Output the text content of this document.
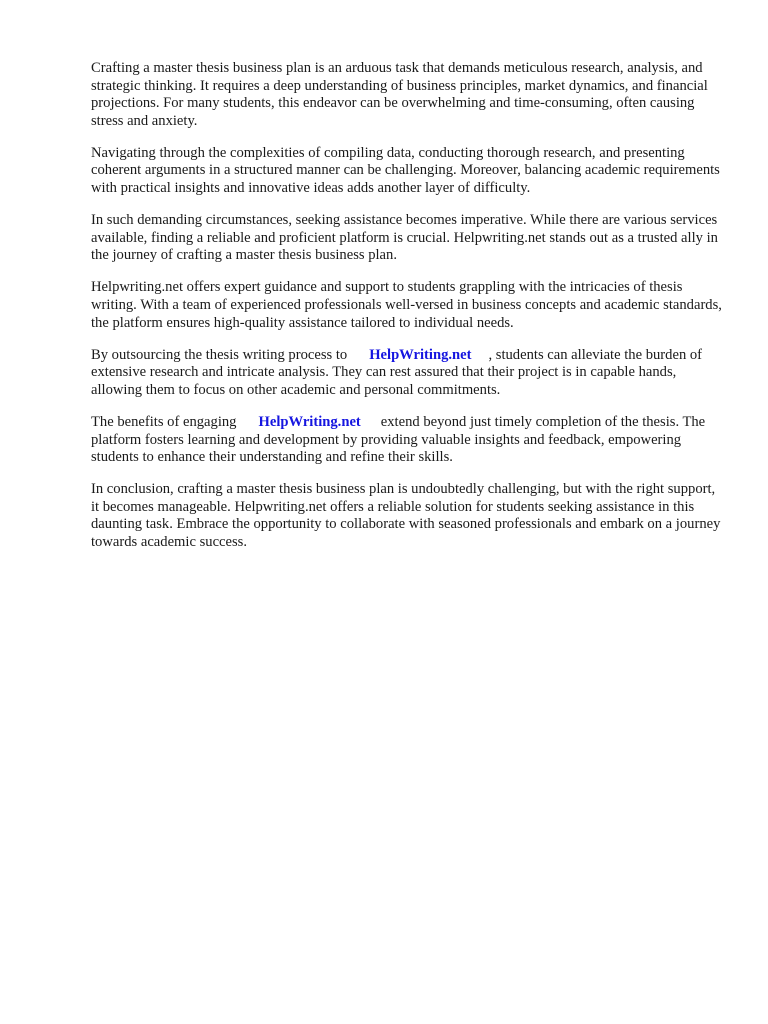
Crafting a master thesis business plan is an arduous task that demands meticulous research, analysis, and strategic thinking. It requires a deep understanding of business principles, market dynamics, and financial projections. For many students, this endeavor can be overwhelming and time-consuming, often causing stress and anxiety.

Navigating through the complexities of compiling data, conducting thorough research, and presenting coherent arguments in a structured manner can be challenging. Moreover, balancing academic requirements with practical insights and innovative ideas adds another layer of difficulty.

In such demanding circumstances, seeking assistance becomes imperative. While there are various services available, finding a reliable and proficient platform is crucial. Helpwriting.net stands out as a trusted ally in the journey of crafting a master thesis business plan.

Helpwriting.net offers expert guidance and support to students grappling with the intricacies of thesis writing. With a team of experienced professionals well-versed in business concepts and academic standards, the platform ensures high-quality assistance tailored to individual needs.

By outsourcing the thesis writing process to HelpWriting.net , students can alleviate the burden of extensive research and intricate analysis. They can rest assured that their project is in capable hands, allowing them to focus on other academic and personal commitments.

The benefits of engaging HelpWriting.net extend beyond just timely completion of the thesis. The platform fosters learning and development by providing valuable insights and feedback, empowering students to enhance their understanding and refine their skills.

In conclusion, crafting a master thesis business plan is undoubtedly challenging, but with the right support, it becomes manageable. Helpwriting.net offers a reliable solution for students seeking assistance in this daunting task. Embrace the opportunity to collaborate with seasoned professionals and embark on a journey towards academic success.
